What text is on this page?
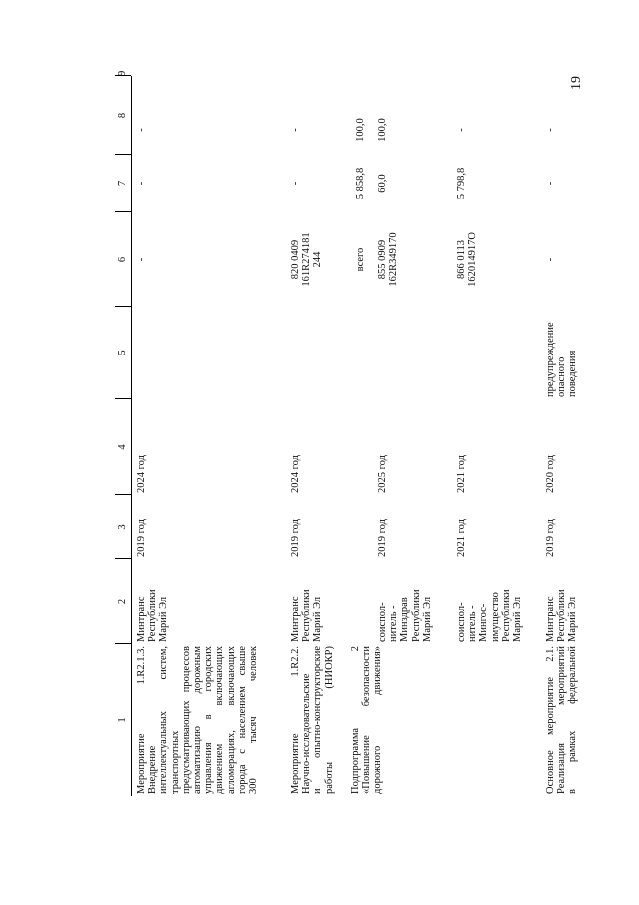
19
1
2
3
4
5
6
7
8
9
Мероприятие 1.R2.1.3. Внедрение интеллектуальных систем, транспортных предусматривающих процессов автоматизацию дорожным управления в городских движением включающих агломерациях, включающих города с населением свыше 300 тысяч человек
Минтранс Республики Марий Эл
2019 год
2024 год
-
-
-
Мероприятие 1.R2.2. Научно-исследовательские и опытно-конструкторские работы (НИОКР)
Минтранс Республики Марий Эл
2019 год
2024 год
820 0409 161R274181 244
-
-
Подпрограмма 2 «Повышение безопасности дорожного движения»
соиспол- нитель - Минздрав Республики Марий Эл
2019 год
2025 год
всего 855 0909 162R349170
5 858,8 60,0
100,0 100,0
соиспол- нитель - Мингос- имущество Республики Марий Эл
2021 год
2021 год
866 0113 162014917О
5 798,8
-
Основное мероприятие 2.1. Реализация мероприятий в рамках федеральной
Минтранс Республики Марий Эл
2019 год
2020 год
предупреждение опасного поведения
-
-
-
